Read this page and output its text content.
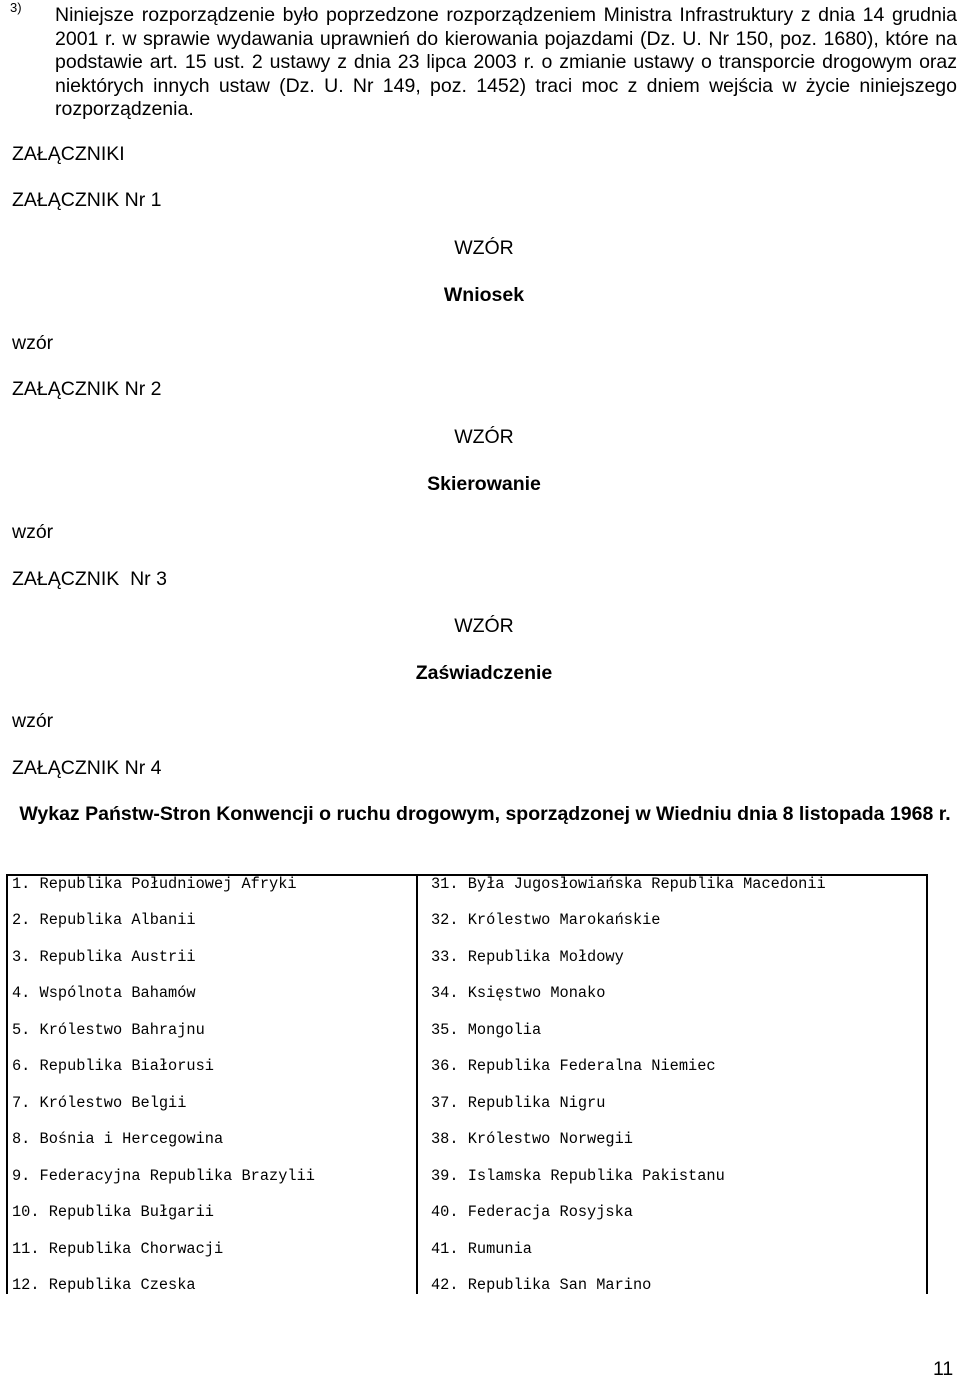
3) Niniejsze rozporządzenie było poprzedzone rozporządzeniem Ministra Infrastruktury z dnia 14 grudnia 2001 r. w sprawie wydawania uprawnień do kierowania pojazdami (Dz. U. Nr 150, poz. 1680), które na podstawie art. 15 ust. 2 ustawy z dnia 23 lipca 2003 r. o zmianie ustawy o transporcie drogowym oraz niektórych innych ustaw (Dz. U. Nr 149, poz. 1452) traci moc z dniem wejścia w życie niniejszego rozporządzenia.
ZAŁĄCZNIKI
ZAŁĄCZNIK Nr 1
WZÓR
Wniosek
wzór
ZAŁĄCZNIK Nr 2
WZÓR
Skierowanie
wzór
ZAŁĄCZNIK  Nr 3
WZÓR
Zaświadczenie
wzór
ZAŁĄCZNIK Nr 4
Wykaz Państw-Stron Konwencji o ruchu drogowym, sporządzonej w Wiedniu dnia 8 listopada 1968 r.
1. Republika Południowej Afryki
2. Republika Albanii
3. Republika Austrii
4. Wspólnota Bahamów
5. Królestwo Bahrajnu
6. Republika Białorusi
7. Królestwo Belgii
8. Bośnia i Hercegowina
9. Federacyjna Republika Brazylii
10. Republika Bułgarii
11. Republika Chorwacji
12. Republika Czeska
31. Była Jugosłowiańska Republika Macedonii
32. Królestwo Marokańskie
33. Republika Mołdowy
34. Księstwo Monako
35. Mongolia
36. Republika Federalna Niemiec
37. Republika Nigru
38. Królestwo Norwegii
39. Islamska Republika Pakistanu
40. Federacja Rosyjska
41. Rumunia
42. Republika San Marino
11
